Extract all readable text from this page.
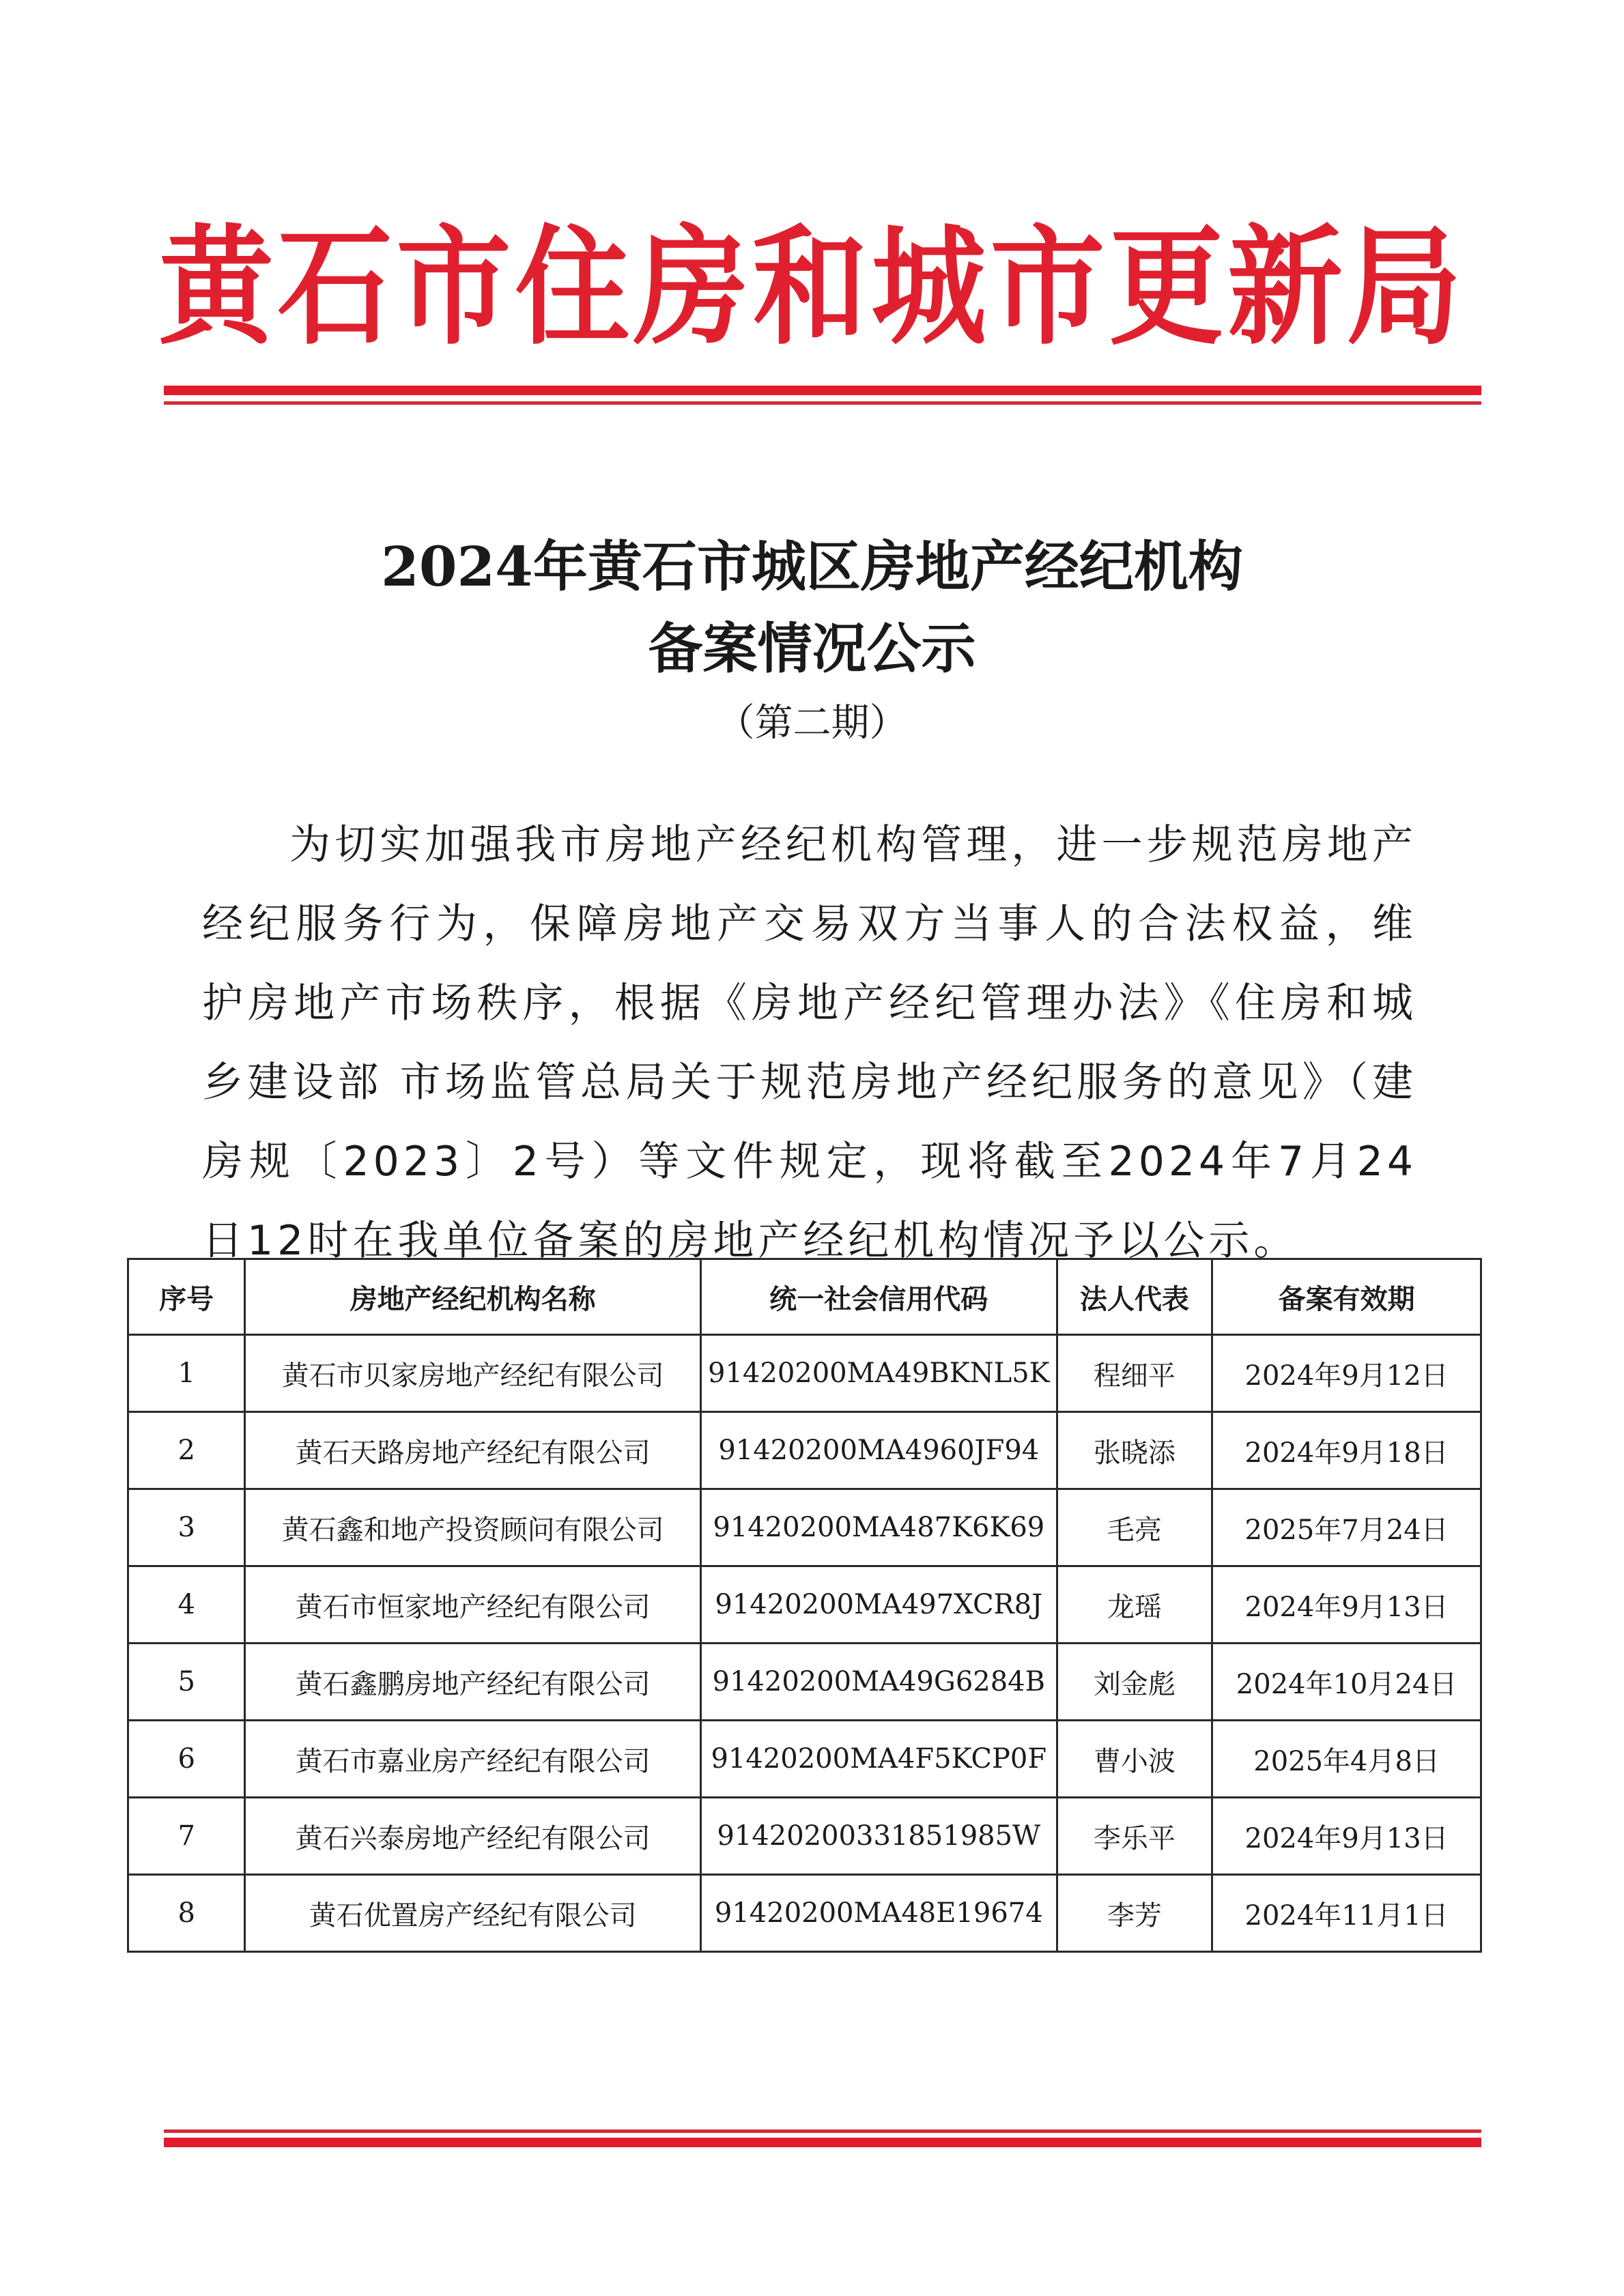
黄石市住房和城市更新局
2024年黄石市城区房地产经纪机构
备案情况公示
（第二期）

为切实加强我市房地产经纪机构管理，进一步规范房地产经纪服务行为，保障房地产交易双方当事人的合法权益，维护房地产市场秩序，根据《房地产经纪管理办法》《住房和城乡建设部 市场监管总局关于规范房地产经纪服务的意见》（建房规〔2023〕2号）等文件规定，现将截至2024年7月24日12时在我单位备案的房地产经纪机构情况予以公示。

序号	房地产经纪机构名称	统一社会信用代码	法人代表	备案有效期
1	黄石市贝家房地产经纪有限公司	91420200MA49BKNL5K	程细平	2024年9月12日
2	黄石天路房地产经纪有限公司	91420200MA4960JF94	张晓添	2024年9月18日
3	黄石鑫和地产投资顾问有限公司	91420200MA487K6K69	毛亮	2025年7月24日
4	黄石市恒家地产经纪有限公司	91420200MA497XCR8J	龙瑶	2024年9月13日
5	黄石鑫鹏房地产经纪有限公司	91420200MA49G6284B	刘金彪	2024年10月24日
6	黄石市嘉业房产经纪有限公司	91420200MA4F5KCP0F	曹小波	2025年4月8日
7	黄石兴泰房地产经纪有限公司	914202003318519​85W	李乐平	2024年9月13日
8	黄石优置房产经纪有限公司	91420200MA48E19674	李芳	2024年11月1日
